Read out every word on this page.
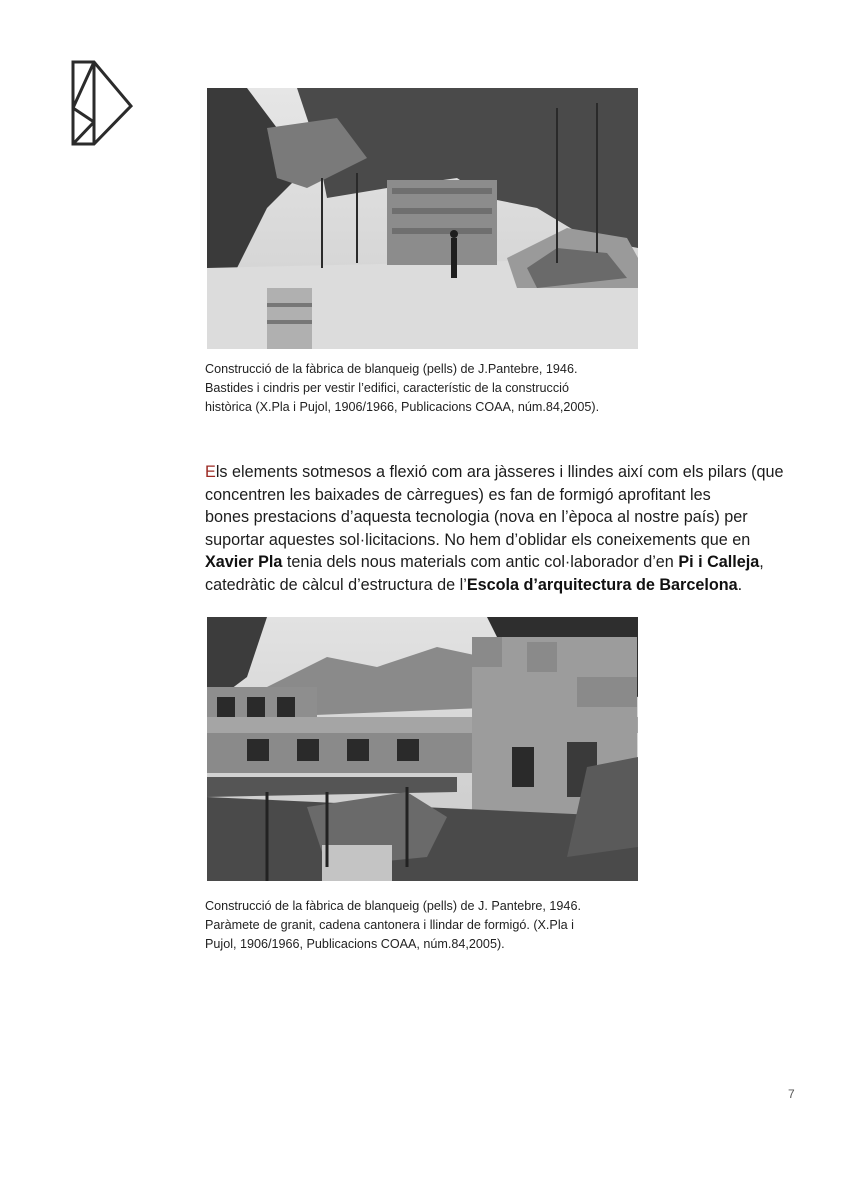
Construcció de la fàbrica de blanqueig (pells) de J.Pantebre, 1946.
Bastides i cindris per vestir l’edifici, característic de la construcció
històrica (X.Pla i Pujol, 1906/1966, Publicacions COAA, núm.84,2005).
Els elements sotmesos a flexió com ara jàsseres i llindes així com els pilars (que
concentren les baixades de càrregues) es fan de formigó aprofitant les
bones prestacions d’aquesta tecnologia (nova en l’època al nostre país) per
suportar aquestes sol·licitacions. No hem d’oblidar els coneixements que en
Xavier Pla tenia dels nous materials com antic col·laborador d’en Pi i Calleja,
catedràtic de càlcul d’estructura de l’Escola d’arquitectura de Barcelona.
Construcció de la fàbrica de blanqueig (pells) de J. Pantebre, 1946.
Paràmete de granit, cadena cantonera i llindar de formigó. (X.Pla i
Pujol, 1906/1966, Publicacions COAA, núm.84,2005).
7
